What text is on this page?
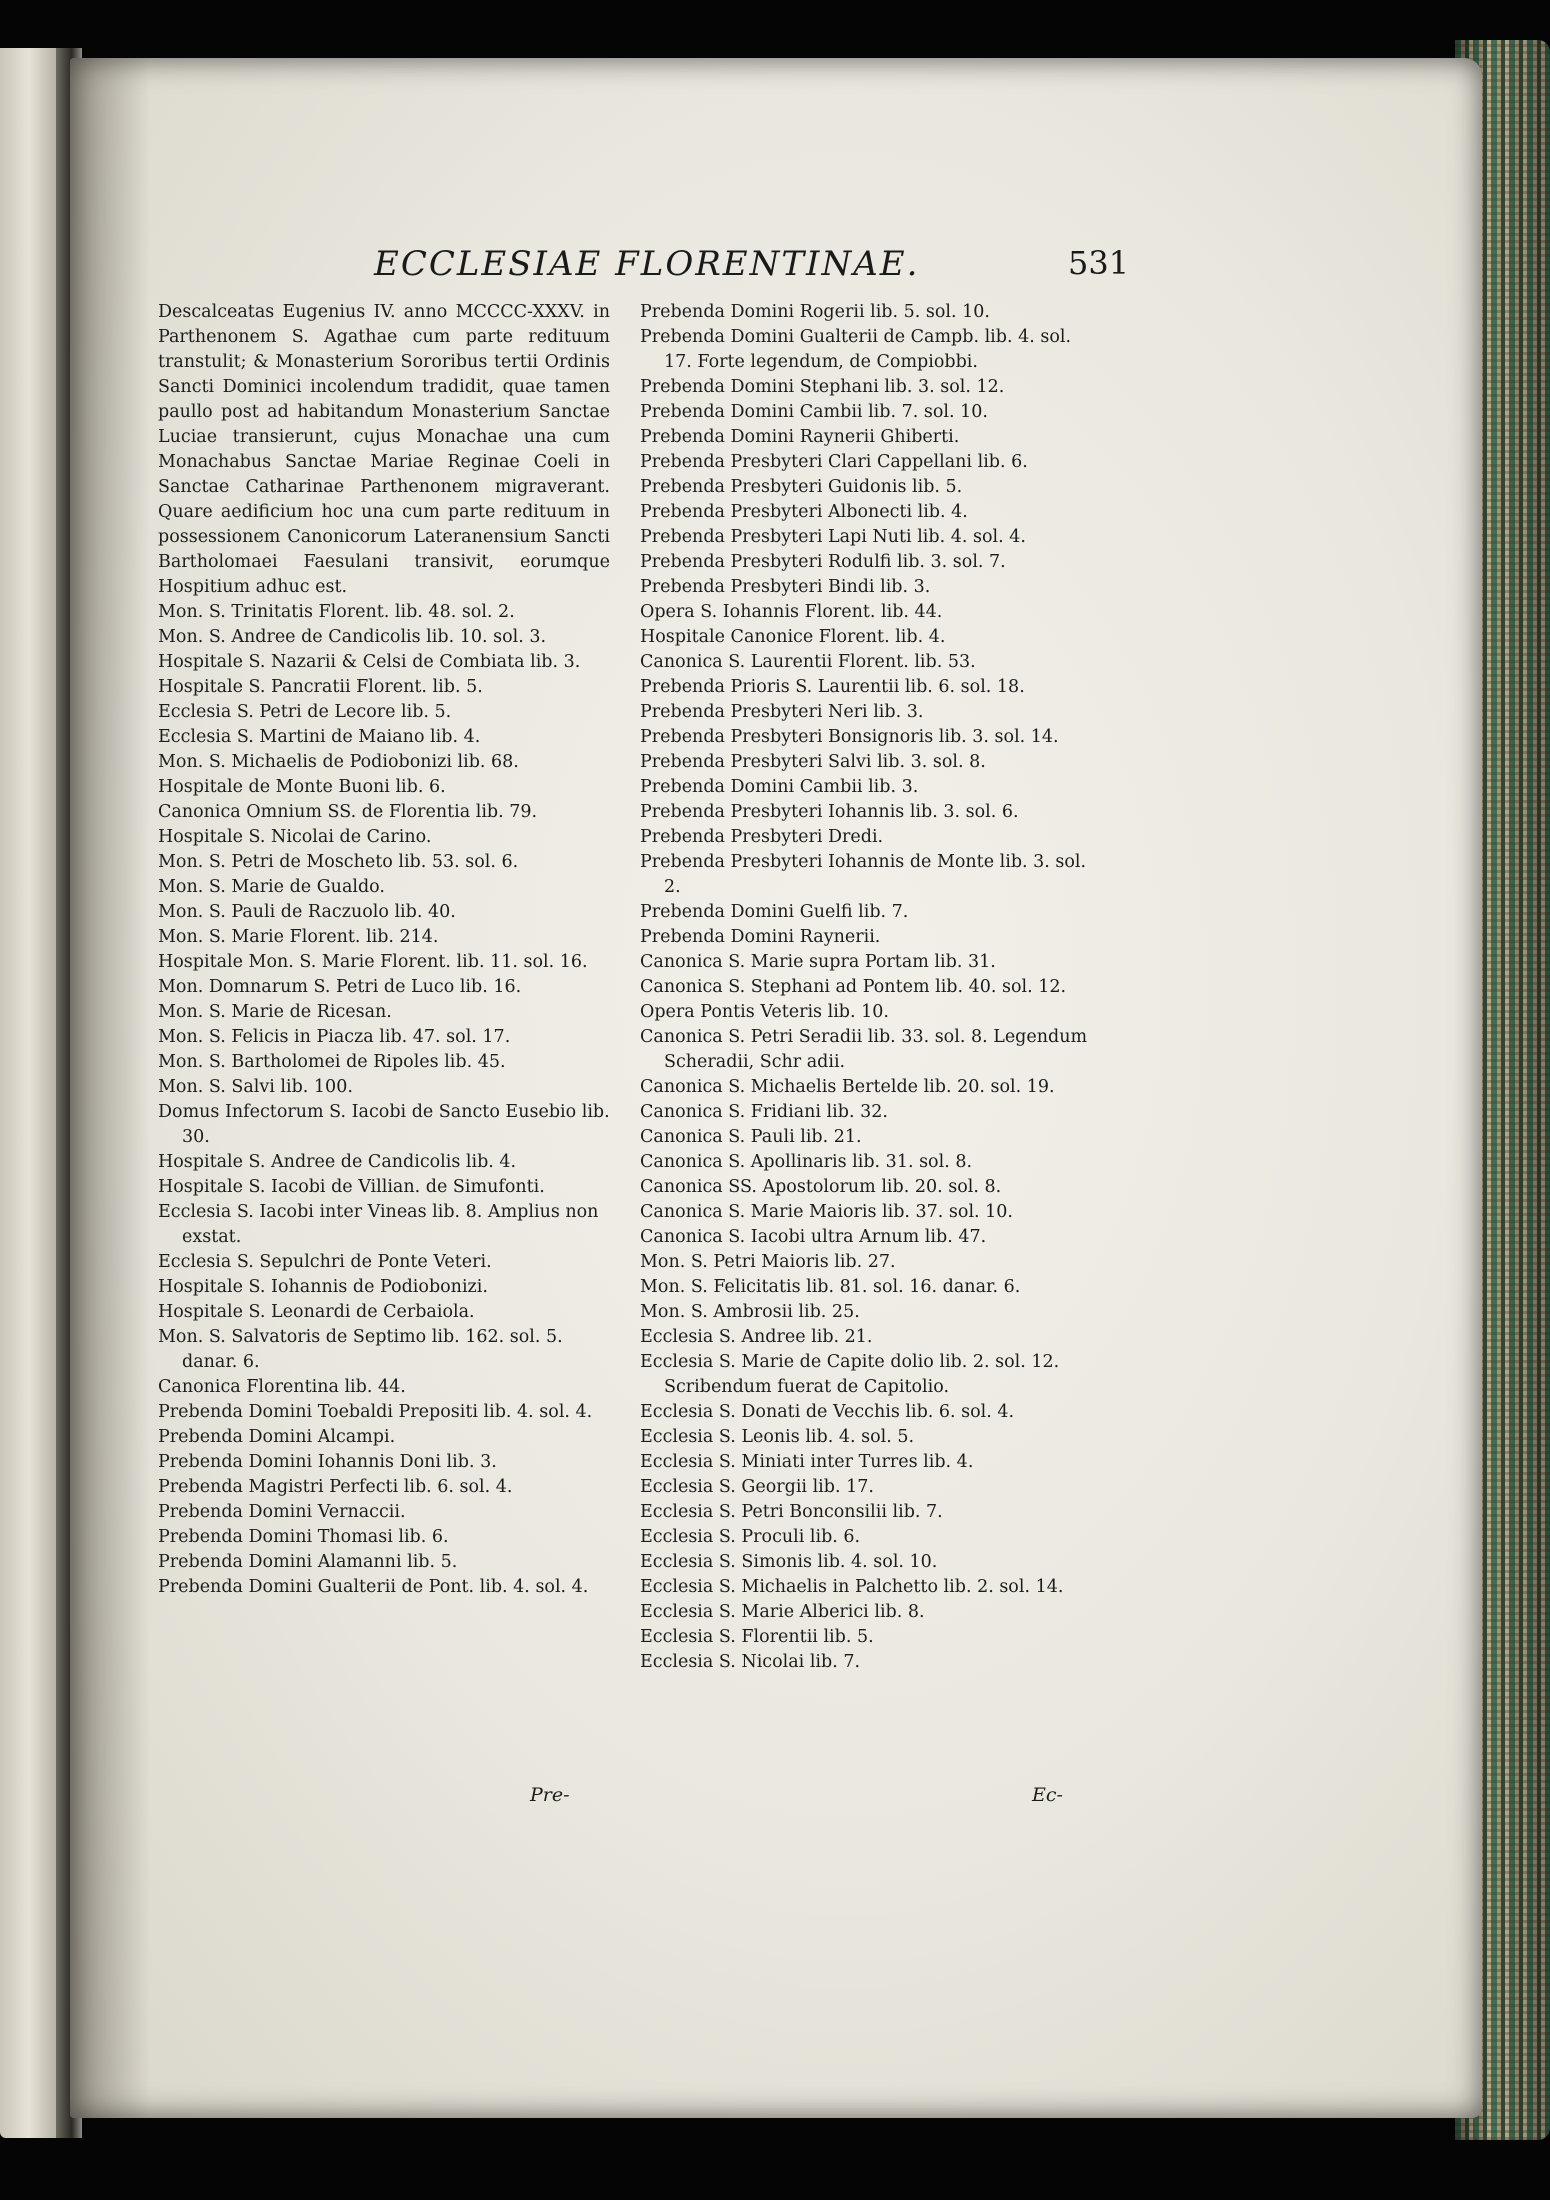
ECCLESIAE FLORENTINAE.	531

Descalceatas Eugenius IV. anno MCCCC-XXXV. in Parthenonem S. Agathae cum parte redituum transtulit; & Monasterium Sororibus tertii Ordinis Sancti Dominici incolendum tradidit, quae tamen paullo post ad habitandum Monasterium Sanctae Luciae transierunt, cujus Monachae una cum Monachabus Sanctae Mariae Reginae Coeli in Sanctae Catharinae Parthenonem migraverant. Quare aedificium hoc una cum parte redituum in possessionem Canonicorum Lateranensium Sancti Bartholomaei Faesulani transivit, eorumque Hospitium adhuc est.

Mon. S. Trinitatis Florent. lib. 48. sol. 2.

Mon. S. Andree de Candicolis lib. 10. sol. 3.

Hospitale S. Nazarii & Celsi de Combiata lib. 3.

Hospitale S. Pancratii Florent. lib. 5.

Ecclesia S. Petri de Lecore lib. 5.

Ecclesia S. Martini de Maiano lib. 4.

Mon. S. Michaelis de Podiobonizi lib. 68.

Hospitale de Monte Buoni lib. 6.

Canonica Omnium SS. de Florentia lib. 79.

Hospitale S. Nicolai de Carino.

Mon. S. Petri de Moscheto lib. 53. sol. 6.

Mon. S. Marie de Gualdo.

Mon. S. Pauli de Raczuolo lib. 40.

Mon. S. Marie Florent. lib. 214.

Hospitale Mon. S. Marie Florent. lib. 11. sol. 16.

Mon. Domnarum S. Petri de Luco lib. 16.

Mon. S. Marie de Ricesan.

Mon. S. Felicis in Piacza lib. 47. sol. 17.

Mon. S. Bartholomei de Ripoles lib. 45.

Mon. S. Salvi lib. 100.

Domus Infectorum S. Iacobi de Sancto Eusebio lib. 30.

Hospitale S. Andree de Candicolis lib. 4.

Hospitale S. Iacobi de Villian. de Simufonti.

Ecclesia S. Iacobi inter Vineas lib. 8. Amplius non exstat.

Ecclesia S. Sepulchri de Ponte Veteri.

Hospitale S. Iohannis de Podiobonizi.

Hospitale S. Leonardi de Cerbaiola.

Mon. S. Salvatoris de Septimo lib. 162. sol. 5. danar. 6.

Canonica Florentina lib. 44.

Prebenda Domini Toebaldi Prepositi lib. 4. sol. 4.

Prebenda Domini Alcampi.

Prebenda Domini Iohannis Doni lib. 3.

Prebenda Magistri Perfecti lib. 6. sol. 4.

Prebenda Domini Vernaccii.

Prebenda Domini Thomasi lib. 6.

Prebenda Domini Alamanni lib. 5.

Prebenda Domini Gualterii de Pont. lib. 4. sol. 4.

Prebenda Domini Rogerii lib. 5. sol. 10.

Prebenda Domini Gualterii de Campb. lib. 4. sol. 17. Forte legendum, de Compiobbi.

Prebenda Domini Stephani lib. 3. sol. 12.

Prebenda Domini Cambii lib. 7. sol. 10.

Prebenda Domini Raynerii Ghiberti.

Prebenda Presbyteri Clari Cappellani lib. 6.

Prebenda Presbyteri Guidonis lib. 5.

Prebenda Presbyteri Albonecti lib. 4.

Prebenda Presbyteri Lapi Nuti lib. 4. sol. 4.

Prebenda Presbyteri Rodulfi lib. 3. sol. 7.

Prebenda Presbyteri Bindi lib. 3.

Opera S. Iohannis Florent. lib. 44.

Hospitale Canonice Florent. lib. 4.

Canonica S. Laurentii Florent. lib. 53.

Prebenda Prioris S. Laurentii lib. 6. sol. 18.

Prebenda Presbyteri Neri lib. 3.

Prebenda Presbyteri Bonsignoris lib. 3. sol. 14.

Prebenda Presbyteri Salvi lib. 3. sol. 8.

Prebenda Domini Cambii lib. 3.

Prebenda Presbyteri Iohannis lib. 3. sol. 6.

Prebenda Presbyteri Dredi.

Prebenda Presbyteri Iohannis de Monte lib. 3. sol. 2.

Prebenda Domini Guelfi lib. 7.

Prebenda Domini Raynerii.

Canonica S. Marie supra Portam lib. 31.

Canonica S. Stephani ad Pontem lib. 40. sol. 12.

Opera Pontis Veteris lib. 10.

Canonica S. Petri Seradii lib. 33. sol. 8. Legendum Scheradii, Schr adii.

Canonica S. Michaelis Bertelde lib. 20. sol. 19.

Canonica S. Fridiani lib. 32.

Canonica S. Pauli lib. 21.

Canonica S. Apollinaris lib. 31. sol. 8.

Canonica SS. Apostolorum lib. 20. sol. 8.

Canonica S. Marie Maioris lib. 37. sol. 10.

Canonica S. Iacobi ultra Arnum lib. 47.

Mon. S. Petri Maioris lib. 27.

Mon. S. Felicitatis lib. 81. sol. 16. danar. 6.

Mon. S. Ambrosii lib. 25.

Ecclesia S. Andree lib. 21.

Ecclesia S. Marie de Capite dolio lib. 2. sol. 12. Scribendum fuerat de Capitolio.

Ecclesia S. Donati de Vecchis lib. 6. sol. 4.

Ecclesia S. Leonis lib. 4. sol. 5.

Ecclesia S. Miniati inter Turres lib. 4.

Ecclesia S. Georgii lib. 17.

Ecclesia S. Petri Bonconsilii lib. 7.

Ecclesia S. Proculi lib. 6.

Ecclesia S. Simonis lib. 4. sol. 10.

Ecclesia S. Michaelis in Palchetto lib. 2. sol. 14.

Ecclesia S. Marie Alberici lib. 8.

Ecclesia S. Florentii lib. 5.

Ecclesia S. Nicolai lib. 7.

Pre-	Ec-
